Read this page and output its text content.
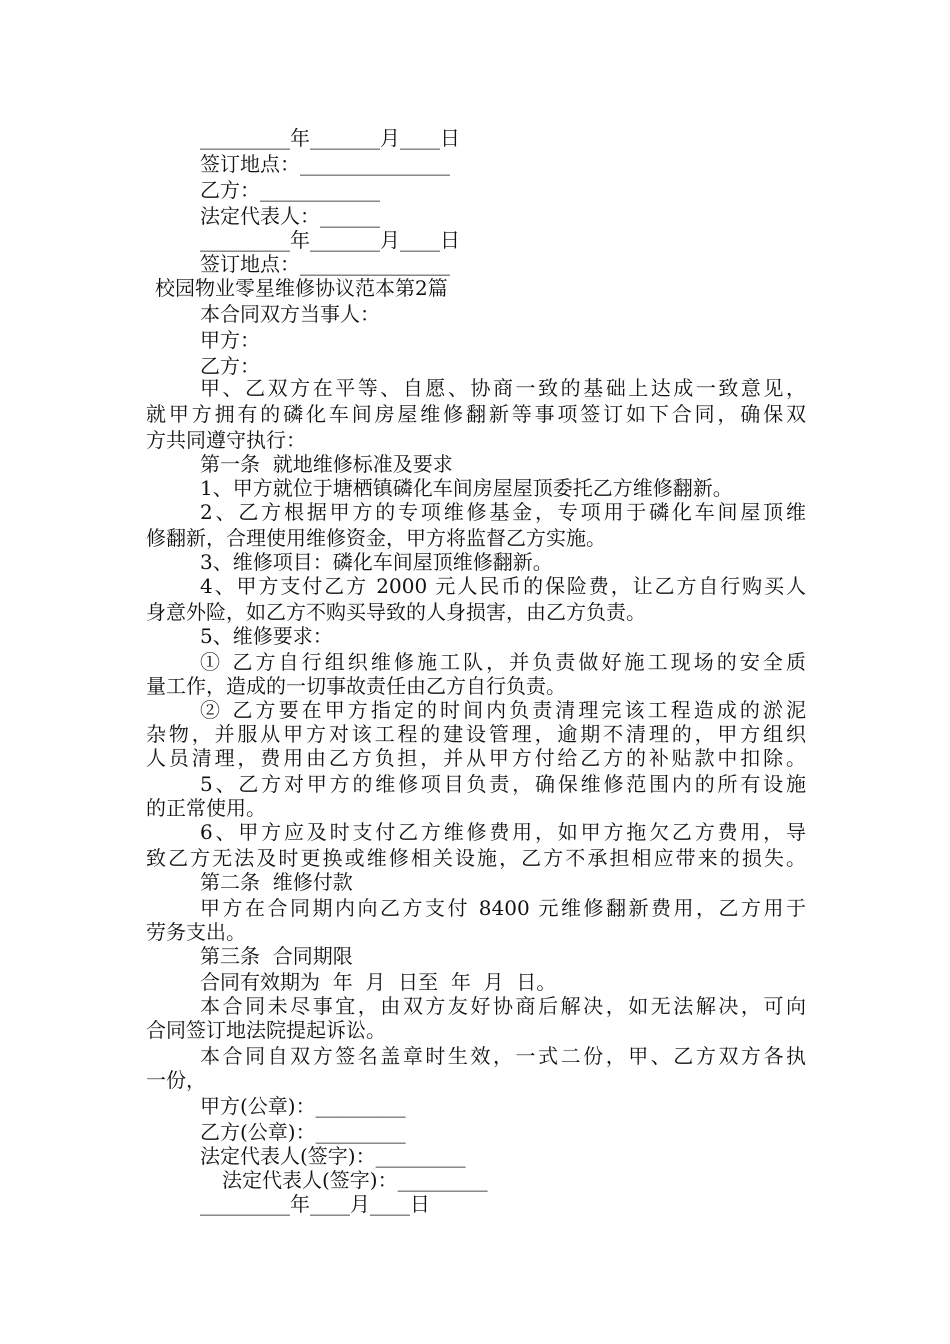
_________年_______月____日
签订地点：_______________
乙方：____________
法定代表人：______
_________年_______月____日
签订地点：_______________
校园物业零星维修协议范本第2篇
本合同双方当事人：
甲方：
乙方：
甲、乙双方在平等、自愿、协商一致的基础上达成一致意见，
就甲方拥有的磷化车间房屋维修翻新等事项签订如下合同，确保双
方共同遵守执行：
第一条  就地维修标准及要求
1、甲方就位于塘栖镇磷化车间房屋屋顶委托乙方维修翻新。
2、乙方根据甲方的专项维修基金，专项用于磷化车间屋顶维
修翻新，合理使用维修资金，甲方将监督乙方实施。
3、维修项目：磷化车间屋顶维修翻新。
4、甲方支付乙方 2000 元人民币的保险费，让乙方自行购买人
身意外险，如乙方不购买导致的人身损害，由乙方负责。
5、维修要求：
① 乙方自行组织维修施工队，并负责做好施工现场的安全质
量工作，造成的一切事故责任由乙方自行负责。
② 乙方要在甲方指定的时间内负责清理完该工程造成的淤泥
杂物，并服从甲方对该工程的建设管理，逾期不清理的，甲方组织
人员清理，费用由乙方负担，并从甲方付给乙方的补贴款中扣除。
5、乙方对甲方的维修项目负责，确保维修范围内的所有设施
的正常使用。
6、甲方应及时支付乙方维修费用，如甲方拖欠乙方费用，导
致乙方无法及时更换或维修相关设施，乙方不承担相应带来的损失。
第二条  维修付款
甲方在合同期内向乙方支付 8400 元维修翻新费用，乙方用于
劳务支出。
第三条  合同期限
合同有效期为  年  月  日至  年  月  日。
本合同未尽事宜，由双方友好协商后解决，如无法解决，可向
合同签订地法院提起诉讼。
本合同自双方签名盖章时生效，一式二份，甲、乙方双方各执
一份，
甲方(公章)：_________
乙方(公章)：_________
法定代表人(签字)：_________
法定代表人(签字)：_________
_________年____月____日
